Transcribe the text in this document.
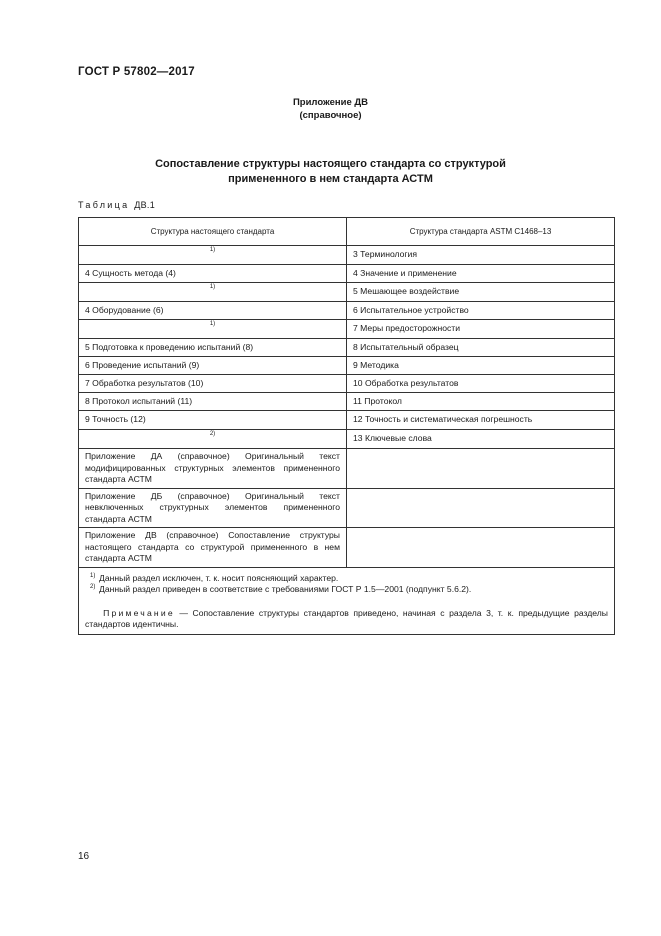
ГОСТ Р 57802—2017
Приложение ДВ
(справочное)
Сопоставление структуры настоящего стандарта со структурой
примененного в нем стандарта АСТМ
Таблица ДВ.1
Структура настоящего стандарта	Структура стандарта ASTM C1468–13
1)	3 Терминология
4 Сущность метода (4)	4 Значение и применение
1)	5 Мешающее воздействие
4 Оборудование (6)	6 Испытательное устройство
1)	7 Меры предосторожности
5 Подготовка к проведению испытаний (8)	8 Испытательный образец
6 Проведение испытаний (9)	9 Методика
7 Обработка результатов (10)	10 Обработка результатов
8 Протокол испытаний (11)	11 Протокол
9 Точность (12)	12 Точность и систематическая погрешность
2)	13 Ключевые слова
Приложение ДА (справочное) Оригинальный текст модифицированных структурных элементов примененного стандарта АСТМ	
Приложение ДБ (справочное) Оригинальный текст невключенных структурных элементов примененного стандарта АСТМ	
Приложение ДВ (справочное) Сопоставление структуры настоящего стандарта со структурой примененного в нем стандарта АСТМ	

1) Данный раздел исключен, т. к. носит поясняющий характер.
2) Данный раздел приведен в соответствие с требованиями ГОСТ Р 1.5—2001 (подпункт 5.6.2).
Примечание — Сопоставление структуры стандартов приведено, начиная с раздела 3, т. к. предыдущие разделы стандартов идентичны.	
16
